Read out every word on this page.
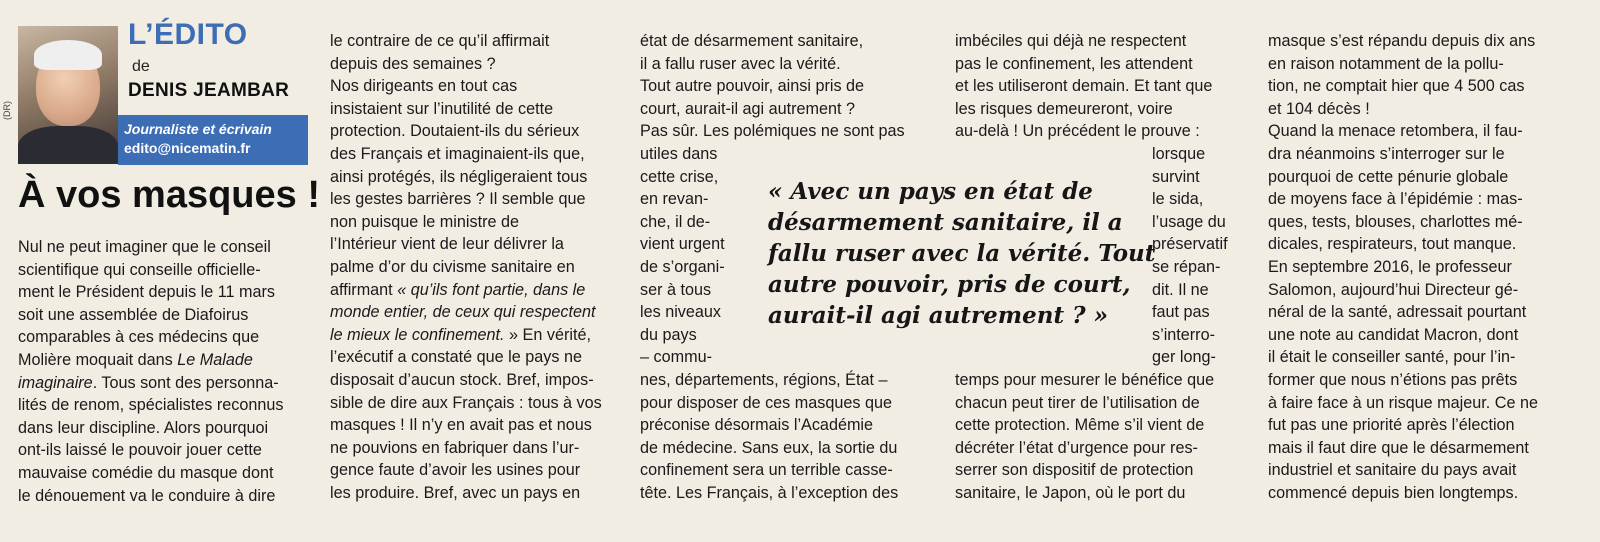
(DR)
L’ÉDITO
de
DENIS JEAMBAR
Journaliste et écrivain
edito@nicematin.fr
À vos masques !
Nul ne peut imaginer que le conseil
scientifique qui conseille officielle-
ment le Président depuis le 11 mars
soit une assemblée de Diafoirus
comparables à ces médecins que
Molière moquait dans Le Malade
imaginaire. Tous sont des personna-
lités de renom, spécialistes reconnus
dans leur discipline. Alors pourquoi
ont-ils laissé le pouvoir jouer cette
mauvaise comédie du masque dont
le dénouement va le conduire à dire
le contraire de ce qu’il affirmait
depuis des semaines ?
Nos dirigeants en tout cas
insistaient sur l’inutilité de cette
protection. Doutaient-ils du sérieux
des Français et imaginaient-ils que,
ainsi protégés, ils négligeraient tous
les gestes barrières ? Il semble que
non puisque le ministre de
l’Intérieur vient de leur délivrer la
palme d’or du civisme sanitaire en
affirmant « qu’ils font partie, dans le
monde entier, de ceux qui respectent
le mieux le confinement. » En vérité,
l’exécutif a constaté que le pays ne
disposait d’aucun stock. Bref, impos-
sible de dire aux Français : tous à vos
masques ! Il n’y en avait pas et nous
ne pouvions en fabriquer dans l’ur-
gence faute d’avoir les usines pour
les produire. Bref, avec un pays en
état de désarmement sanitaire,
il a fallu ruser avec la vérité.
Tout autre pouvoir, ainsi pris de
court, aurait-il agi autrement ?
Pas sûr. Les polémiques ne sont pas
utiles dans
cette crise,
en revan-
che, il de-
vient urgent
de s’organi-
ser à tous
les niveaux
du pays
– commu-
nes, départements, régions, État –
pour disposer de ces masques que
préconise désormais l’Académie
de médecine. Sans eux, la sortie du
confinement sera un terrible casse-
tête. Les Français, à l’exception des
imbéciles qui déjà ne respectent
pas le confinement, les attendent
et les utiliseront demain. Et tant que
les risques demeureront, voire
au-delà ! Un précédent le prouve :
lorsque
survint
le sida,
l’usage du
préservatif
se répan-
dit. Il ne
faut pas
s’interro-
ger long-
temps pour mesurer le bénéfice que
chacun peut tirer de l’utilisation de
cette protection. Même s’il vient de
décréter l’état d’urgence pour res-
serrer son dispositif de protection
sanitaire, le Japon, où le port du
« Avec un pays en état de
désarmement sanitaire, il a
fallu ruser avec la vérité. Tout
autre pouvoir, pris de court,
aurait-il agi autrement ? »
masque s’est répandu depuis dix ans
en raison notamment de la pollu-
tion, ne comptait hier que 4 500 cas
et 104 décès !
Quand la menace retombera, il fau-
dra néanmoins s’interroger sur le
pourquoi de cette pénurie globale
de moyens face à l’épidémie : mas-
ques, tests, blouses, charlottes mé-
dicales, respirateurs, tout manque.
En septembre 2016, le professeur
Salomon, aujourd’hui Directeur gé-
néral de la santé, adressait pourtant
une note au candidat Macron, dont
il était le conseiller santé, pour l’in-
former que nous n’étions pas prêts
à faire face à un risque majeur. Ce ne
fut pas une priorité après l’élection
mais il faut dire que le désarmement
industriel et sanitaire du pays avait
commencé depuis bien longtemps.
